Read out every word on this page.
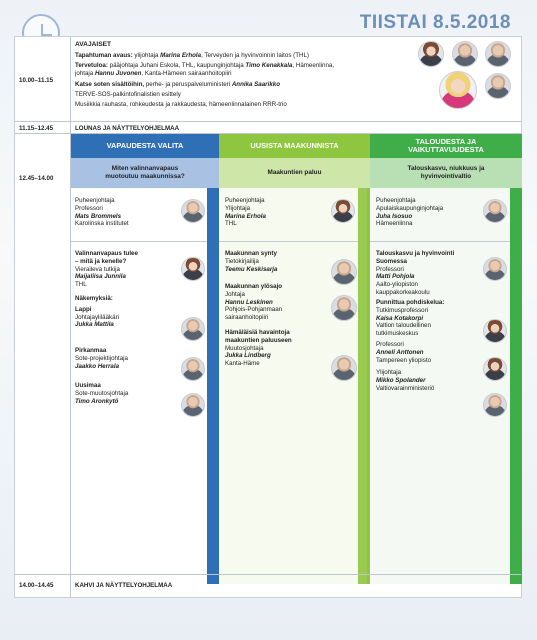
TIISTAI 8.5.2018
10.00–11.15
AVAJAISET
Tapahtuman avaus: ylijohtaja Marina Erhola, Terveyden ja hyvinvoinnin laitos (THL)
Tervetuloa: pääjohtaja Juhani Eskola, THL, kaupunginjohtaja Timo Kenakkala, Hämeenlinna,
johtaja Hannu Juvonen, Kanta-Hämeen sairaanhoitopiiri
Katse soten sisältöihin, perhe- ja peruspalveluministeri Annika Saarikko
TERVE-SOS-palkintofinalistien esittely
Musiikkia rauhasta, rohkeudesta ja rakkaudesta, hämeenlinnalainen RRR-trio
11.15–12.45	LOUNAS JA NÄYTTELYOHJELMAA
12.45–14.00
VAPAUDESTA VALITA
Miten valinnanvapaus muotoutuu maakunnissa?
UUSISTA MAAKUNNISTA
Maakuntien paluu
TALOUDESTA JA VAIKUTTAVUUDESTA
Talouskasvu, niukkuus ja hyvinvointivaltio
Puheenjohtaja
Professori
Mats Brommels
Karolinska institutet
Valinnanvapaus tulee
– mitä ja kenelle?
Vieraileva tutkija
Maijaliisa Junnila
THL
Näkemyksiä:
Lappi
Johtajaylilääkäri
Jukka Mattila
Pirkanmaa
Sote-projektijohtaja
Jaakko Herrala
Uusimaa
Sote-muutosjohtaja
Timo Aronkytö
Puheenjohtaja
Ylijohtaja
Marina Erhola
THL
Maakunnan synty
Tietokirjailija
Teemu Keskisarja
Maakunnan ylösajo
Johtaja
Hannu Leskinen
Pohjois-Pohjanmaan
sairaanhoitopiiri
Hämäläisiä havaintoja
maakuntien paluuseen
Muutosjohtaja
Jukka Lindberg
Kanta-Häme
Puheenjohtaja
Apulaiskaupunginjohtaja
Juha Isosuo
Hämeenlinna
Talouskasvu ja hyvinvointi
Suomessa
Professori
Matti Pohjola
Aalto-yliopiston
kauppakorkeakoulu
Punnittua pohdiskelua:
Tutkimusprofessori
Kaisa Kotakorpi
Valtion taloudellinen
tutkimuskeskus
Professori
Anneli Anttonen
Tampereen yliopisto
Ylijohtaja
Mikko Spolander
Valtiovarainministeriö
14.00–14.45	KAHVI JA NÄYTTELYOHJELMAA
